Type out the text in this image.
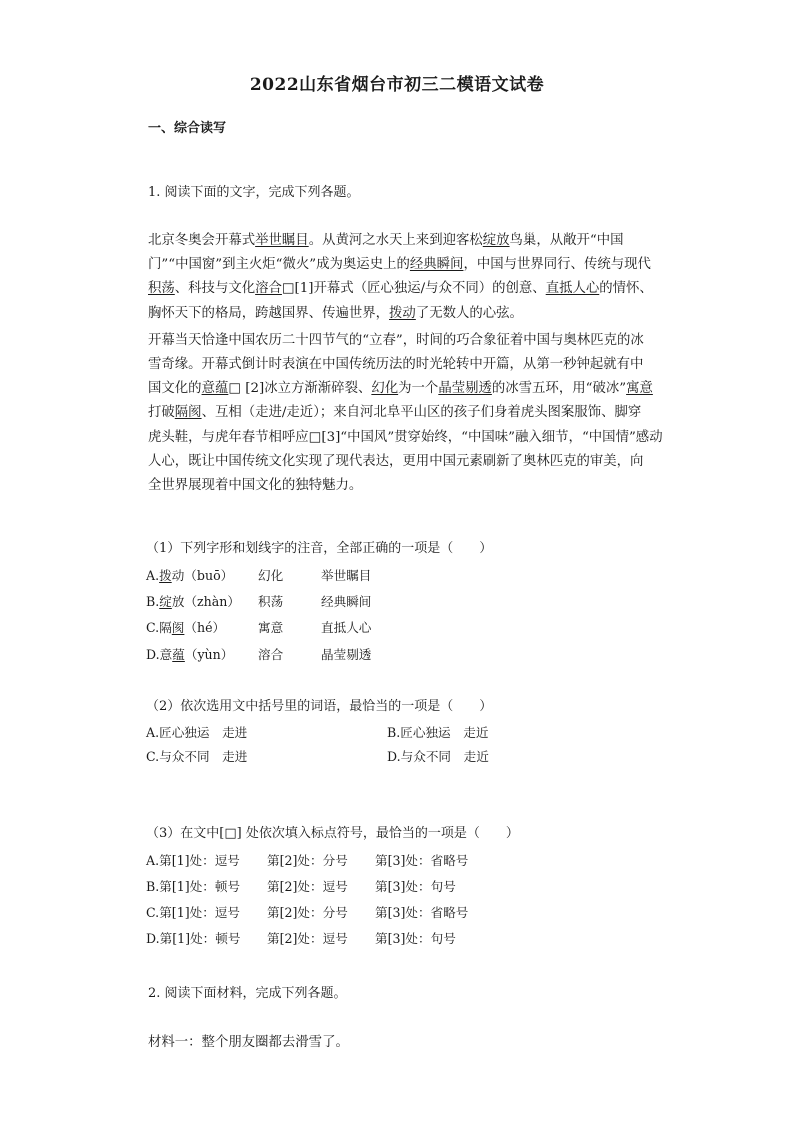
2022山东省烟台市初三二模语文试卷
一、综合读写
1. 阅读下面的文字，完成下列各题。

北京冬奥会开幕式举世瞩目。从黄河之水天上来到迎客松绽放鸟巢，从敞开“中国

门”“中国窗”到主火炬“微火”成为奥运史上的经典瞬间，中国与世界同行、传统与现代

积荡、科技与文化溶合□[1]开幕式（匠心独运/与众不同）的创意、直抵人心的情怀、

胸怀天下的格局，跨越国界、传遍世界，拨动了无数人的心弦。

开幕当天恰逢中国农历二十四节气的“立春”，时间的巧合象征着中国与奥林匹克的冰

雪奇缘。开幕式倒计时表演在中国传统历法的时光轮转中开篇，从第一秒钟起就有中

国文化的意蕴□ [2]冰立方渐渐碎裂、幻化为一个晶莹剔透的冰雪五环，用“破冰”寓意

打破隔阂、互相（走进/走近）；来自河北阜平山区的孩子们身着虎头图案服饰、脚穿

虎头鞋，与虎年春节相呼应□[3]“中国风”贯穿始终，“中国味”融入细节，“中国情”感动

人心，既让中国传统文化实现了现代表达，更用中国元素刷新了奥林匹克的审美，向

全世界展现着中国文化的独特魅力。

（1）下列字形和划线字的注音，全部正确的一项是（　　）
A.拨动（buō） 幻化	举世瞩目
B.绽放（zhàn） 积荡	经典瞬间
C.隔阂（hé）	寓意	直抵人心
D.意蕴（yùn） 溶合	晶莹剔透
（2）依次选用文中括号里的词语，最恰当的一项是（　　）
A.匠心独运　走进	B.匠心独运　走近
C.与众不同　走进	D.与众不同　走近
（3）在文中[□] 处依次填入标点符号，最恰当的一项是（　　）
A.第[1]处：逗号 第[2]处：分号 第[3]处：省略号
B.第[1]处：顿号 第[2]处：逗号 第[3]处：句号
C.第[1]处：逗号 第[2]处：分号 第[3]处：省略号
D.第[1]处：顿号 第[2]处：逗号 第[3]处：句号
2. 阅读下面材料，完成下列各题。
材料一：整个朋友圈都去滑雪了。
